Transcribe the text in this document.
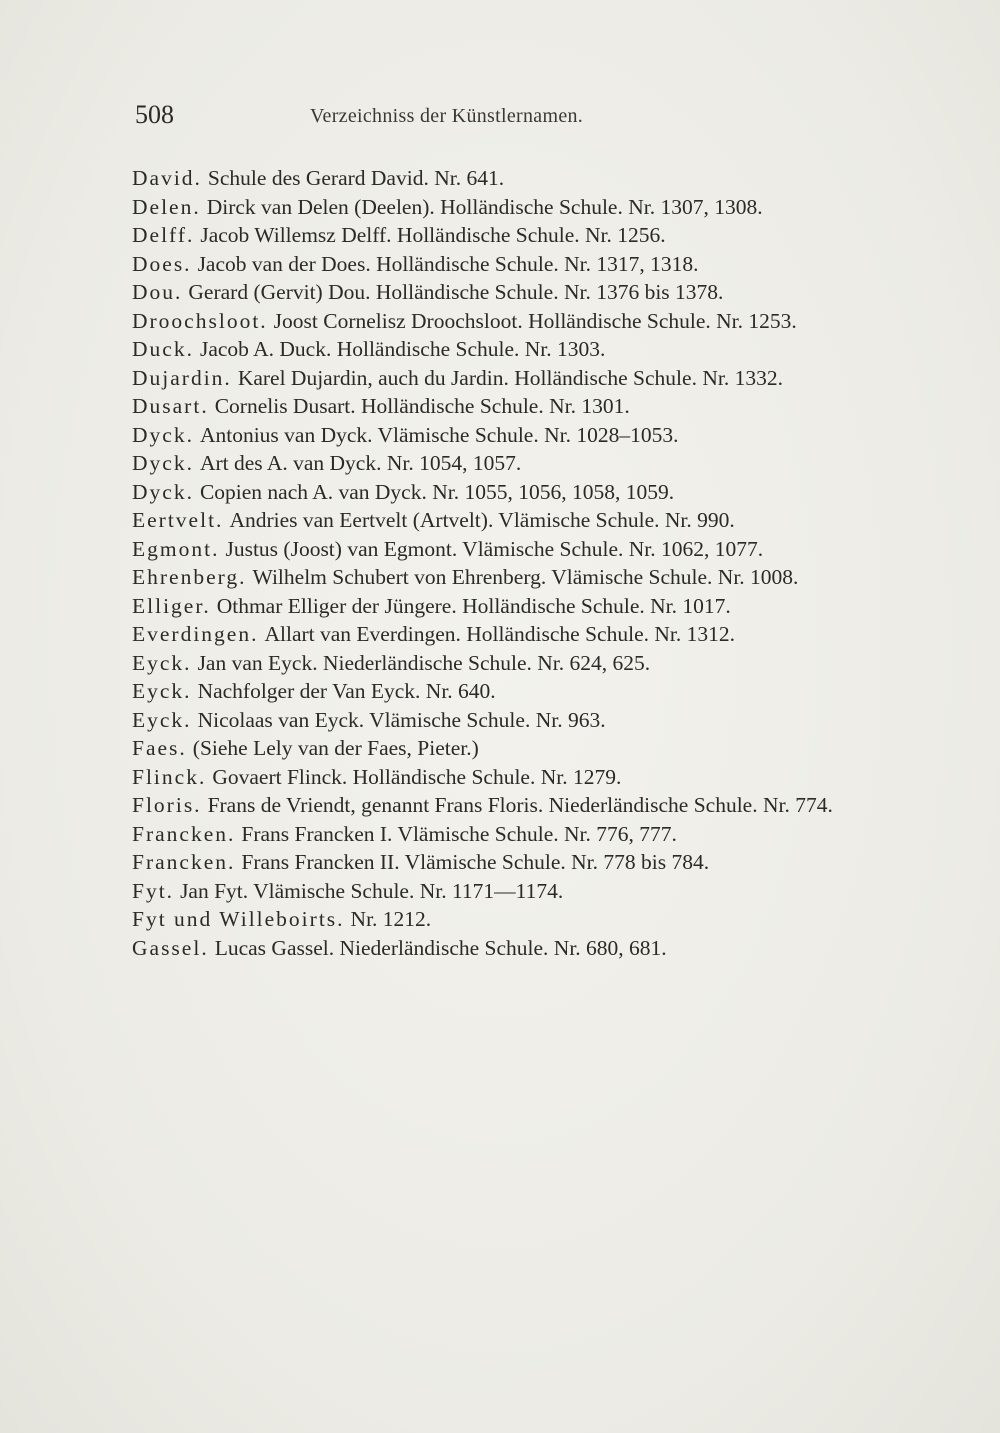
508	Verzeichniss der Künstlernamen.
David. Schule des Gerard David. Nr. 641.
Delen. Dirck van Delen (Deelen). Holländische Schule. Nr. 1307, 1308.
Delff. Jacob Willemsz Delff. Holländische Schule. Nr. 1256.
Does. Jacob van der Does. Holländische Schule. Nr. 1317, 1318.
Dou. Gerard (Gervit) Dou. Holländische Schule. Nr. 1376 bis 1378.
Droochsloot. Joost Cornelisz Droochsloot. Holländische Schule. Nr. 1253.
Duck. Jacob A. Duck. Holländische Schule. Nr. 1303.
Dujardin. Karel Dujardin, auch du Jardin. Holländische Schule. Nr. 1332.
Dusart. Cornelis Dusart. Holländische Schule. Nr. 1301.
Dyck. Antonius van Dyck. Vlämische Schule. Nr. 1028–1053.
Dyck. Art des A. van Dyck. Nr. 1054, 1057.
Dyck. Copien nach A. van Dyck. Nr. 1055, 1056, 1058, 1059.
Eertvelt. Andries van Eertvelt (Artvelt). Vlämische Schule. Nr. 990.
Egmont. Justus (Joost) van Egmont. Vlämische Schule. Nr. 1062, 1077.
Ehrenberg. Wilhelm Schubert von Ehrenberg. Vlämische Schule. Nr. 1008.
Elliger. Othmar Elliger der Jüngere. Holländische Schule. Nr. 1017.
Everdingen. Allart van Everdingen. Holländische Schule. Nr. 1312.
Eyck. Jan van Eyck. Niederländische Schule. Nr. 624, 625.
Eyck. Nachfolger der Van Eyck. Nr. 640.
Eyck. Nicolaas van Eyck. Vlämische Schule. Nr. 963.
Faes. (Siehe Lely van der Faes, Pieter.)
Flinck. Govaert Flinck. Holländische Schule. Nr. 1279.
Floris. Frans de Vriendt, genannt Frans Floris. Niederländische Schule. Nr. 774.
Francken. Frans Francken I. Vlämische Schule. Nr. 776, 777.
Francken. Frans Francken II. Vlämische Schule. Nr. 778 bis 784.
Fyt. Jan Fyt. Vlämische Schule. Nr. 1171—1174.
Fyt und Willeboirts. Nr. 1212.
Gassel. Lucas Gassel. Niederländische Schule. Nr. 680, 681.
